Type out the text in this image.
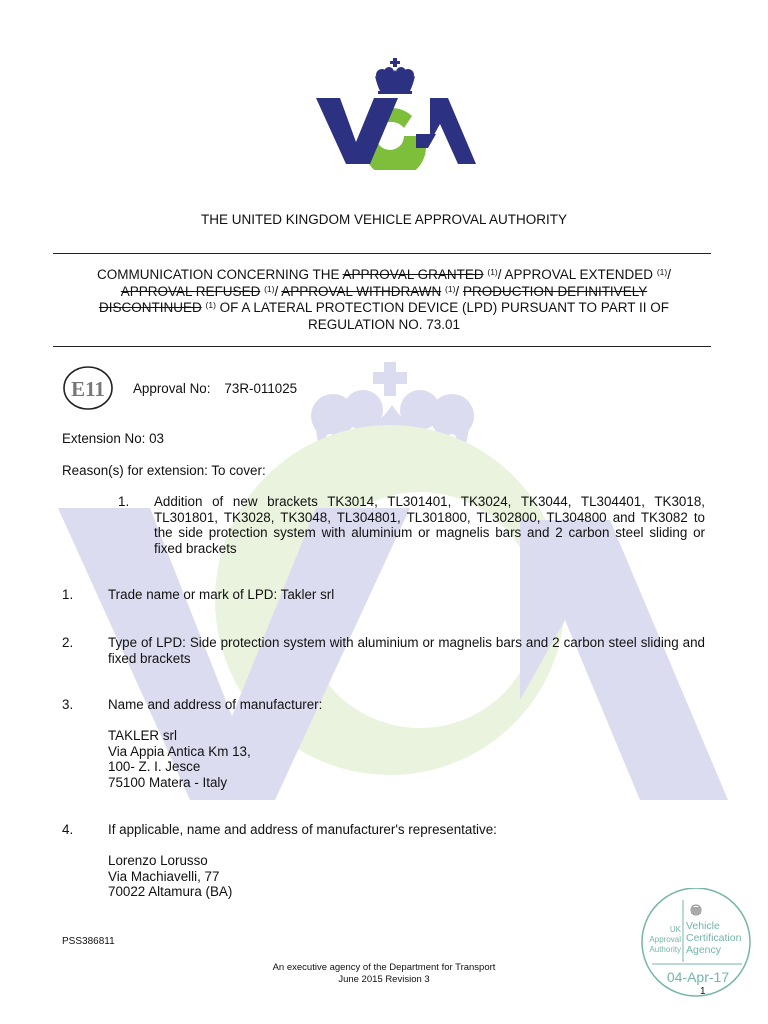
THE UNITED KINGDOM VEHICLE APPROVAL AUTHORITY
COMMUNICATION CONCERNING THE APPROVAL GRANTED $^{(1)}$/ APPROVAL EXTENDED $^{(1)}$/ APPROVAL REFUSED $^{(1)}$/ APPROVAL WITHDRAWN $^{(1)}$/ PRODUCTION DEFINITIVELY DISCONTINUED $^{(1)}$ OF A LATERAL PROTECTION DEVICE (LPD) PURSUANT TO PART II OF REGULATION NO. 73.01
E11 Approval No: 73R-011025
Extension No: 03
Reason(s) for extension: To cover:
1. Addition of new brackets TK3014, TL301401, TK3024, TK3044, TL304401, TK3018, TL301801, TK3028, TK3048, TL304801, TL301800, TL302800, TL304800 and TK3082 to the side protection system with aluminium or magnelis bars and 2 carbon steel sliding or fixed brackets
1.	Trade name or mark of LPD: Takler srl
2.	Type of LPD: Side protection system with aluminium or magnelis bars and 2 carbon steel sliding and fixed brackets
3.	Name and address of manufacturer:
TAKLER srl
Via Appia Antica Km 13,
100- Z. I. Jesce
75100 Matera - Italy
4.	If applicable, name and address of manufacturer's representative:
Lorenzo Lorusso
Via Machiavelli, 77
70022 Altamura (BA)
PSS386811
An executive agency of the Department for Transport
June 2015 Revision 3
1
UK
Approval
Authority
Vehicle
Certification
Agency
04-Apr-17
